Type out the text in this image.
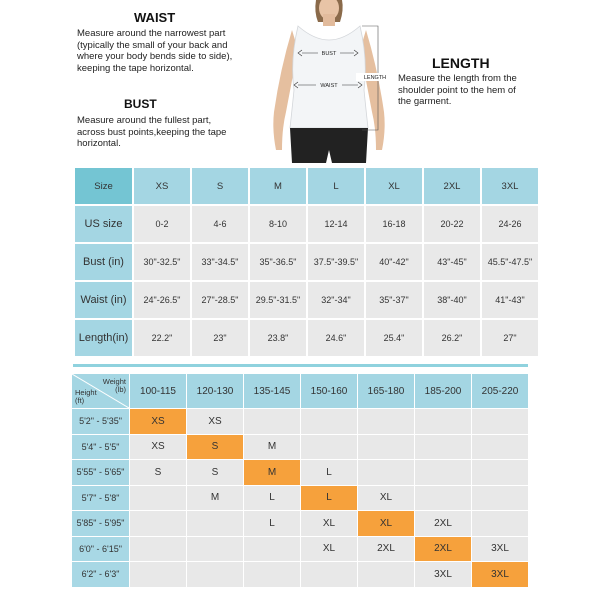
WAIST
Measure around the narrowest part (typically the small of your back and where your body bends side to side), keeping the tape horizontal.
BUST
Measure around the fullest part, across bust points,keeping the tape horizontal.
LENGTH
Measure the length from the shoulder point to the hem of the garment.
BUST
WAIST
LENGTH
Size	XS	S	M	L	XL	2XL	3XL
US size	0-2	4-6	8-10	12-14	16-18	20-22	24-26
Bust (in)	30"-32.5"	33"-34.5"	35"-36.5"	37.5"-39.5"	40"-42"	43"-45"	45.5"-47.5"
Waist (in)	24"-26.5"	27"-28.5"	29.5"-31.5"	32"-34"	35"-37"	38"-40"	41"-43"
Length(in)	22.2"	23"	23.8"	24.6"	25.4"	26.2"	27"
Weight
(lb)
Height
(ft)	100-115	120-130	135-145	150-160	165-180	185-200	205-220
5'2" - 5'35"	XS	XS					
5'4" - 5'5"	XS	S	M				
5'55" - 5'65"	S	S	M	L			
5'7" - 5'8"		M	L	L	XL		
5'85" - 5'95"			L	XL	XL	2XL	
6'0" - 6'15"				XL	2XL	2XL	3XL
6'2" - 6'3"						3XL	3XL
